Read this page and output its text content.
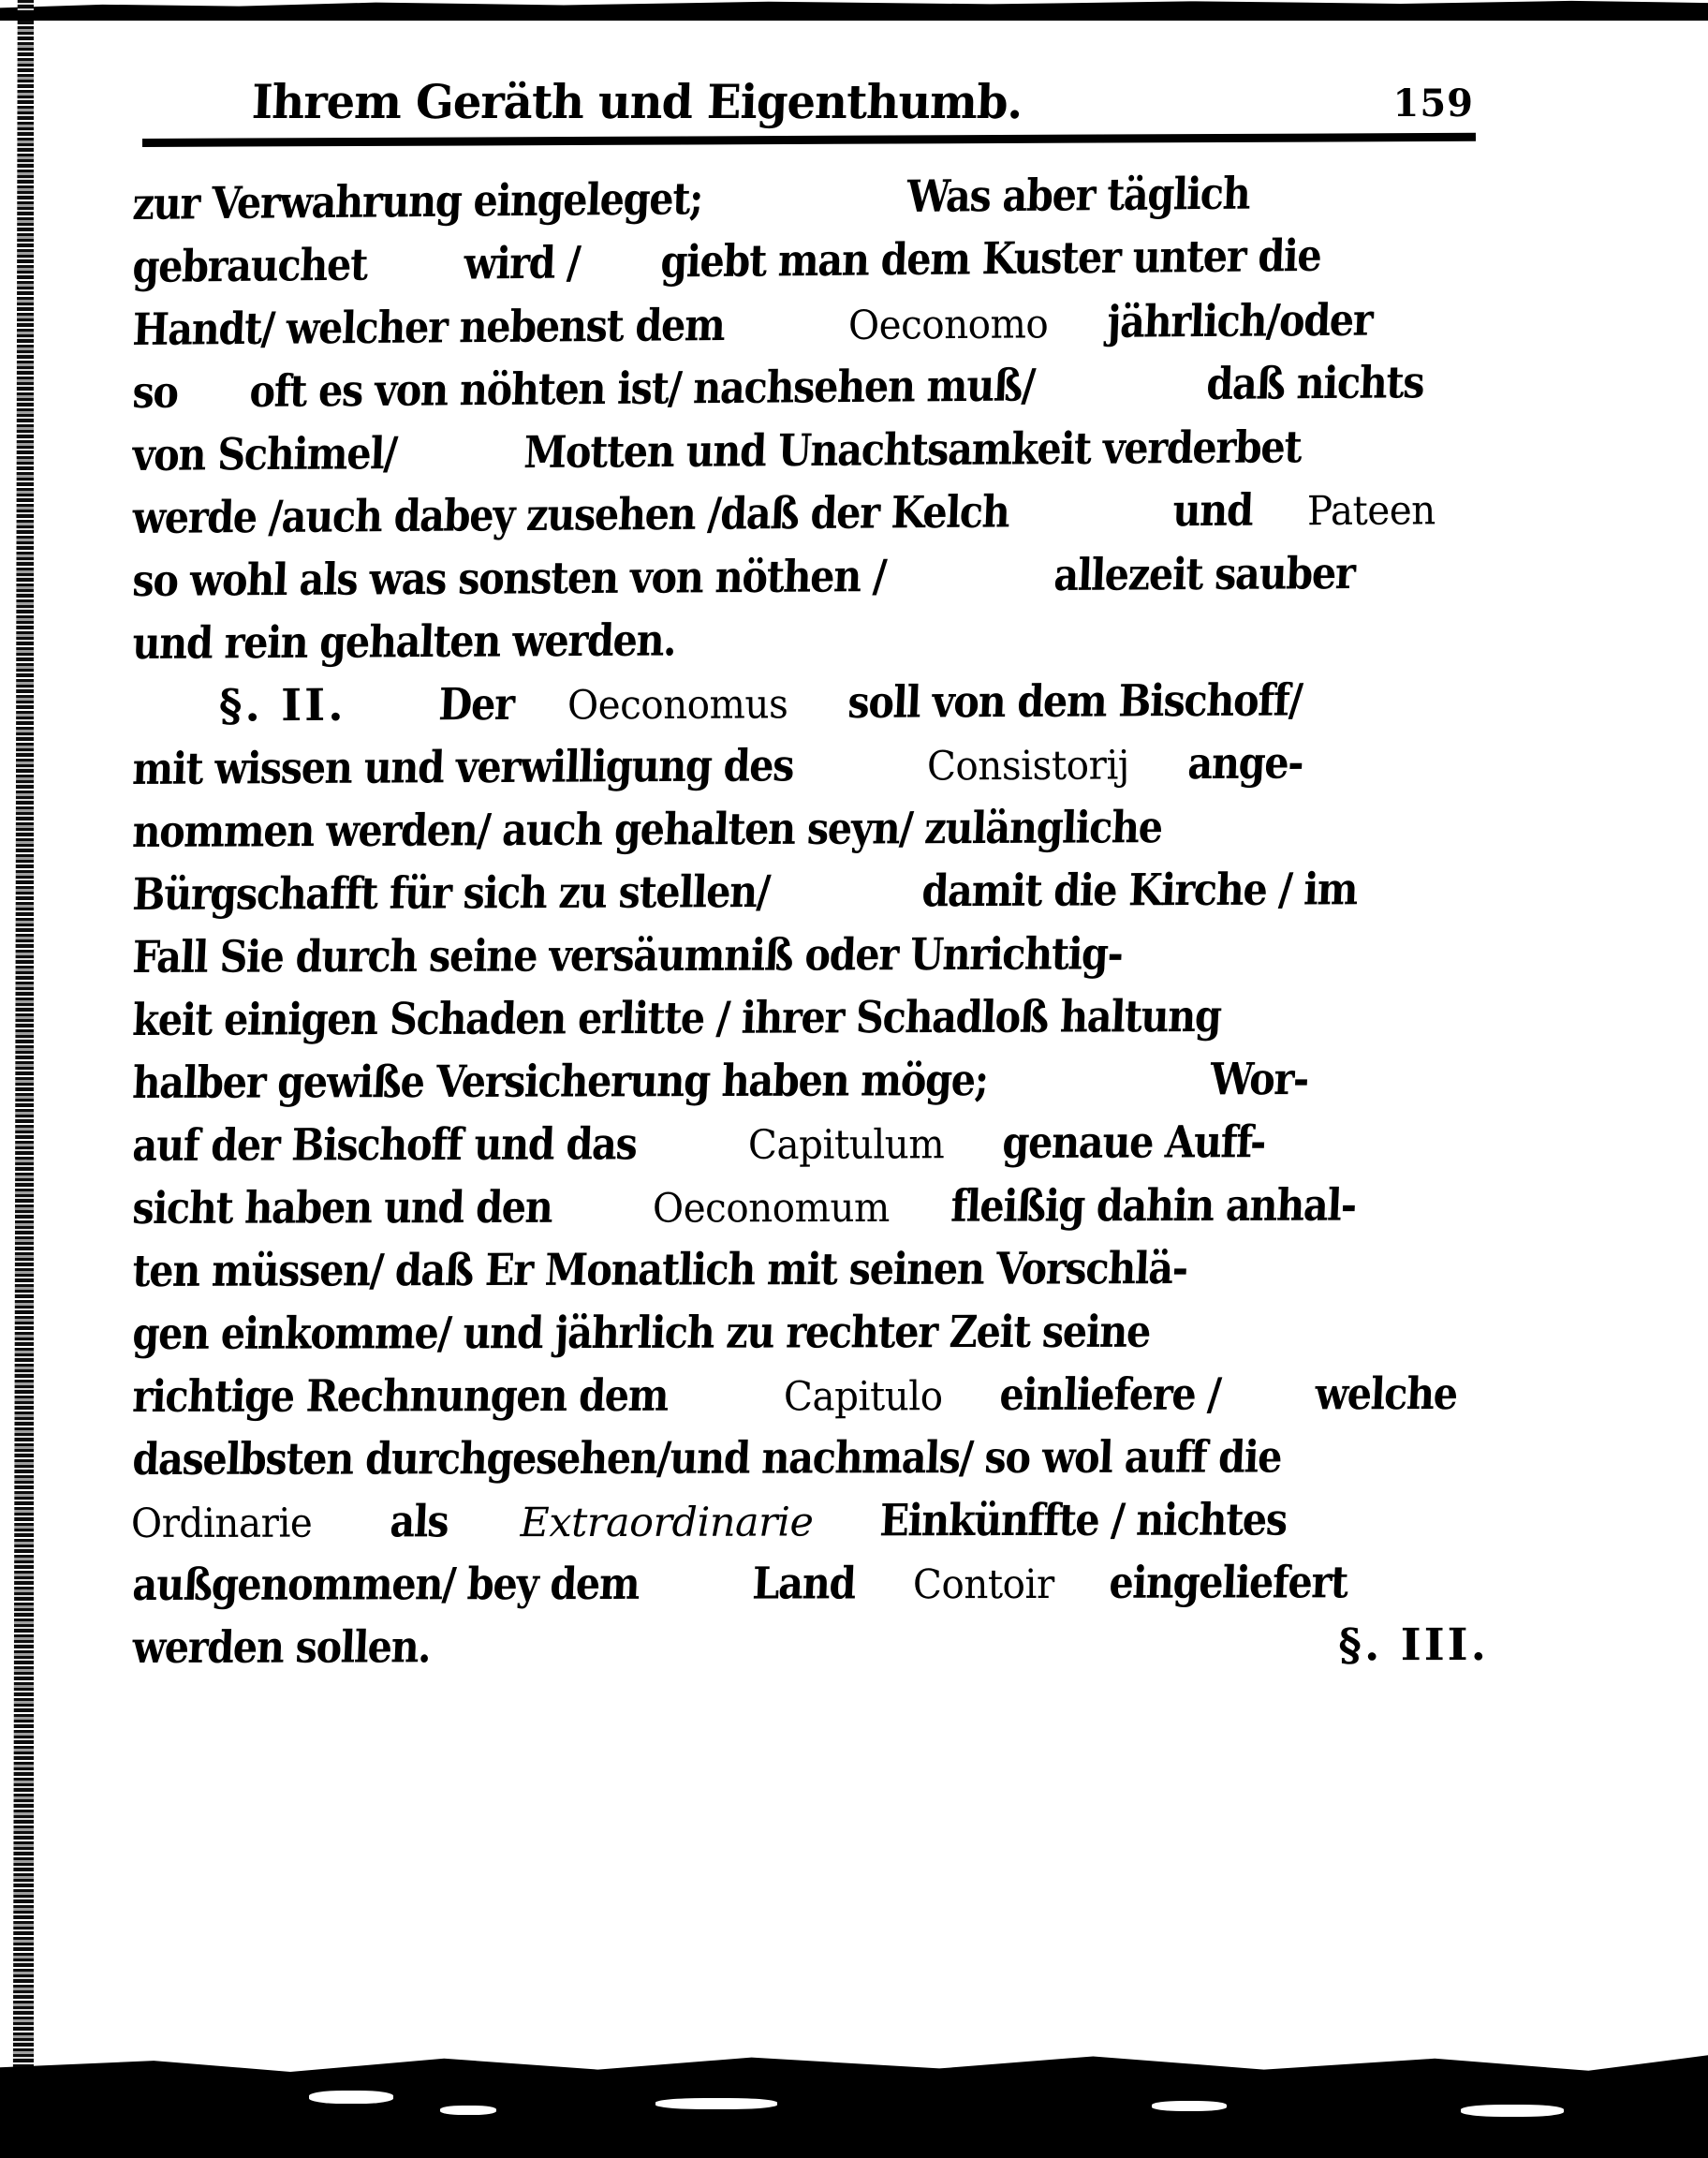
Ihrem Geräth und Eigenthumb.	159
zur Verwahrung eingeleget;	Was aber täglich
gebrauchet wird / giebt man dem Kuster unter die
Handt/ welcher nebenst dem	Oeconomo jährlich/oder
so oft es von nöhten ist/ nachsehen muß/	daß nichts
von Schimel/	Motten und Unachtsamkeit verderbet
werde /auch dabey zusehen /daß der Kelch	und Pateen
so wohl als was sonsten von nöthen /	allezeit sauber
und rein gehalten werden.
§. II. Der Oeconomus soll von dem Bischoff/
mit wissen und verwilligung des	Consistorij ange-
nommen werden/ auch gehalten seyn/ zulängliche
Bürgschafft für sich zu stellen/	damit die Kirche / im
Fall Sie durch seine versäumniß oder Unrichtig-
keit einigen Schaden erlitte / ihrer Schadloß haltung
halber gewiße Versicherung haben möge;	Wor-
auf der Bischoff und das	Capitulum genaue Auff-
sicht haben und den Oeconomum fleißig dahin anhal-
ten müssen/ daß Er Monatlich mit seinen Vorschlä-
gen einkomme/ und jährlich zu rechter Zeit seine
richtige Rechnungen dem	Capitulo einliefere / welche
daselbsten durchgesehen/und nachmals/ so wol auff die
Ordinarie als Extraordinarie Einkünffte / nichtes
außgenommen/ bey dem	Land Contoir eingeliefert
werden sollen.	§. III.
